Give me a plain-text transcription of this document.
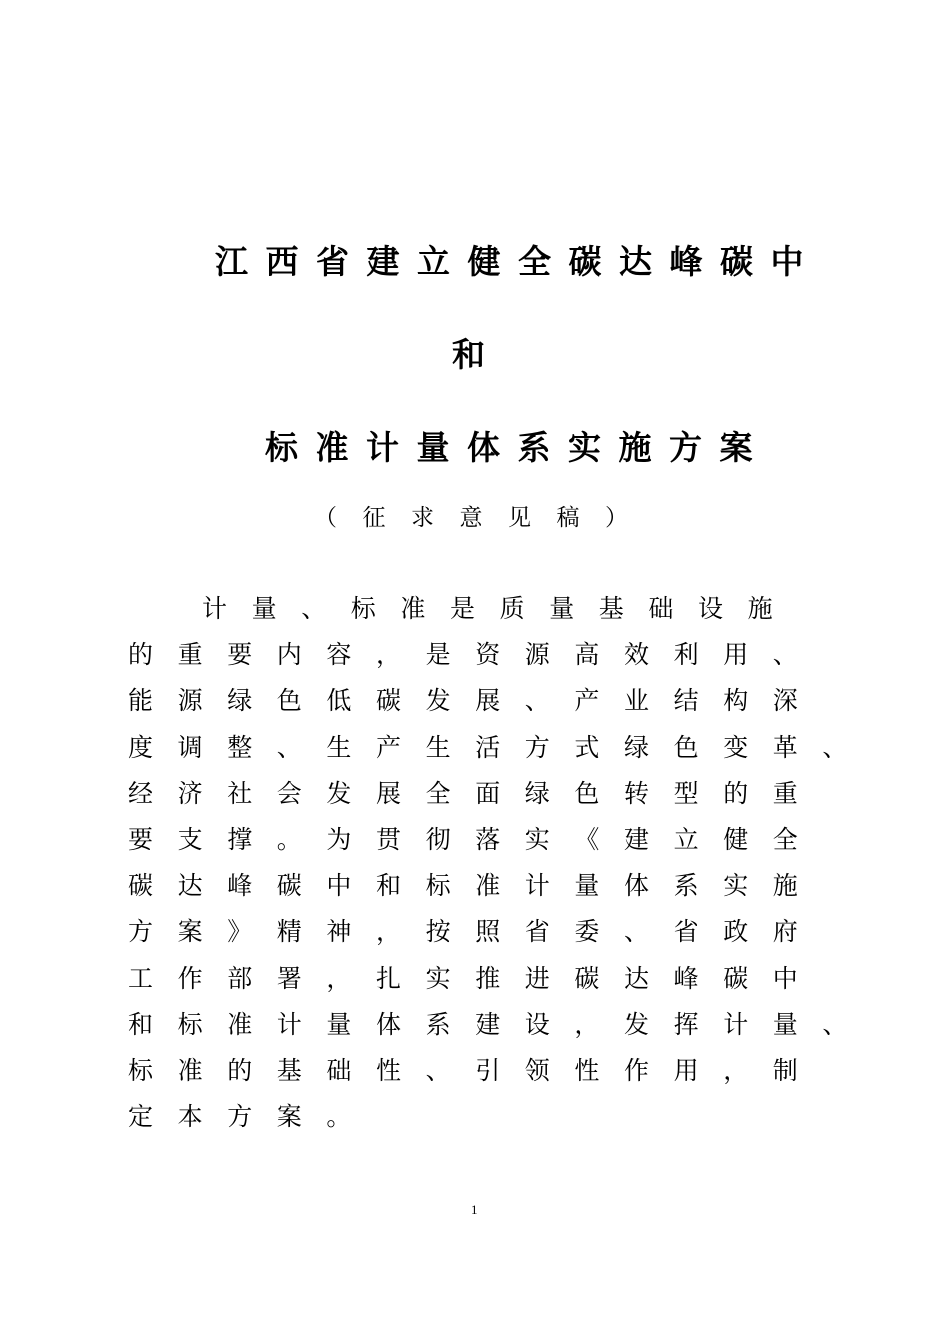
江西省建立健全碳达峰碳中
和
标准计量体系实施方案
（征求意见稿）

计量、标准是质量基础设施

的重要内容，是资源高效利用、

能源绿色低碳发展、产业结构深

度调整、生产生活方式绿色变革、

经济社会发展全面绿色转型的重

要支撑。为贯彻落实《建立健全

碳达峰碳中和标准计量体系实施

方案》精神，按照省委、省政府

工作部署，扎实推进碳达峰碳中

和标准计量体系建设，发挥计量、

标准的基础性、引领性作用，制

定本方案。

1
